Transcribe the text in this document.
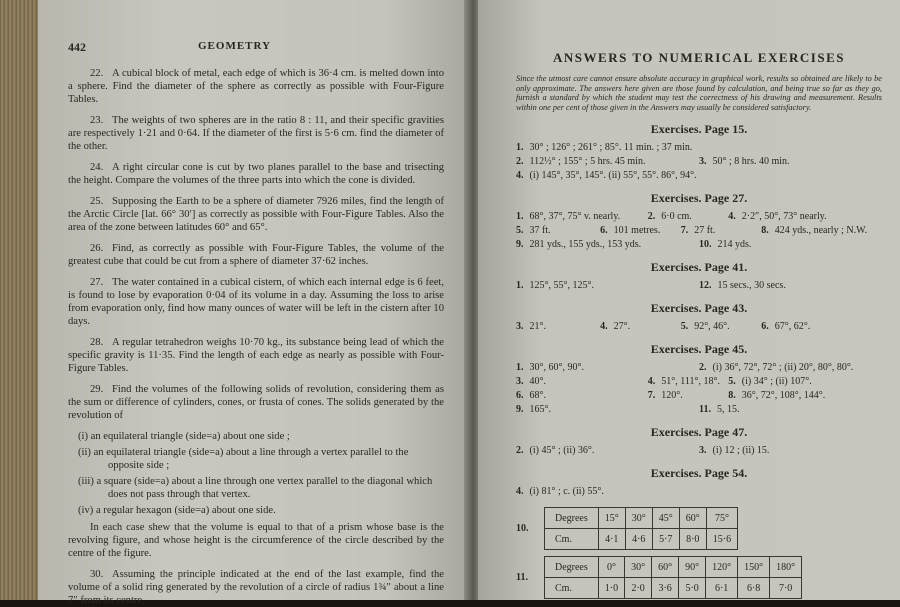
442	GEOMETRY

22. A cubical block of metal, each edge of which is 36·4 cm. is melted down into a sphere. Find the diameter of the sphere as correctly as possible with Four-Figure Tables.

23. The weights of two spheres are in the ratio 8 : 11, and their specific gravities are respectively 1·21 and 0·64. If the diameter of the first is 5·6 cm. find the diameter of the other.

24. A right circular cone is cut by two planes parallel to the base and trisecting the height. Compare the volumes of the three parts into which the cone is divided.

25. Supposing the Earth to be a sphere of diameter 7926 miles, find the length of the Arctic Circle [lat. 66° 30′] as correctly as possible with Four-Figure Tables. Also the area of the zone between latitudes 60° and 65°.

26. Find, as correctly as possible with Four-Figure Tables, the volume of the greatest cube that could be cut from a sphere of diameter 37·62 inches.

27. The water contained in a cubical cistern, of which each internal edge is 6 feet, is found to lose by evaporation 0·04 of its volume in a day. Assuming the loss to arise from evaporation only, find how many ounces of water will be left in the cistern after 10 days.

28. A regular tetrahedron weighs 10·70 kg., its substance being lead of which the specific gravity is 11·35. Find the length of each edge as nearly as possible with Four-Figure Tables.

29. Find the volumes of the following solids of revolution, considering them as the sum or difference of cylinders, cones, or frusta of cones. The solids generated by the revolution of

(i) an equilateral triangle (side=a) about one side ;
(ii) an equilateral triangle (side=a) about a line through a vertex parallel to the opposite side ;
(iii) a square (side=a) about a line through one vertex parallel to the diagonal which does not pass through that vertex.
(iv) a regular hexagon (side=a) about one side.

In each case shew that the volume is equal to that of a prism whose base is the revolving figure, and whose height is the circumference of the circle described by the centre of the figure.

30. Assuming the principle indicated at the end of the last example, find the volume of a solid ring generated by the revolution of a circle of radius 1¾″ about a line 7″ from its centre.

ANSWERS TO NUMERICAL EXERCISES

Since the utmost care cannot ensure absolute accuracy in graphical work, results so obtained are likely to be only approximate. The answers here given are those found by calculation, and being true so far as they go, furnish a standard by which the student may test the correctness of his drawing and measurement. Results within one per cent of those given in the Answers may usually be considered satisfactory.

Exercises. Page 15.
1. 30° ; 126° ; 261° ; 85°. 11 min. ; 37 min.
2. 112½° ; 155° ; 5 hrs. 45 min.	3. 50° ; 8 hrs. 40 min.
4. (i) 145°, 35°, 145°. (ii) 55°, 55°. 86°, 94°.
Exercises. Page 27.
1. 68°, 37°, 75° v. nearly.	2. 6·0 cm.	4. 2·2″, 50°, 73° nearly.
5. 37 ft.	6. 101 metres.	7. 27 ft.	8. 424 yds., nearly ; N.W.
9. 281 yds., 155 yds., 153 yds.	10. 214 yds.
Exercises. Page 41.
1. 125°, 55°, 125°.	12. 15 secs., 30 secs.
Exercises. Page 43.
3. 21°.	4. 27°.	5. 92°, 46°.	6. 67°, 62°.
Exercises. Page 45.
1. 30°, 60°, 90°.	2. (i) 36°, 72°, 72° ; (ii) 20°, 80°, 80°.
3. 40°.	4. 51°, 111°, 18°. 5. (i) 34° ; (ii) 107°.
6. 68°.	7. 120°.	8. 36°, 72°, 108°, 144°.
9. 165°.	11. 5, 15.
Exercises. Page 47.
2. (i) 45° ; (ii) 36°.	3. (i) 12 ; (ii) 15.
Exercises. Page 54.
4. (i) 81° ; c. (ii) 55°.
10.
Degrees	15°	30°	45°	60°	75°
Cm.	4·1	4·6	5·7	8·0	15·6
11.
Degrees	0°	30°	60°	90°	120°	150°	180°
Cm.	1·0	2·0	3·6	5·0	6·1	6·8	7·0
